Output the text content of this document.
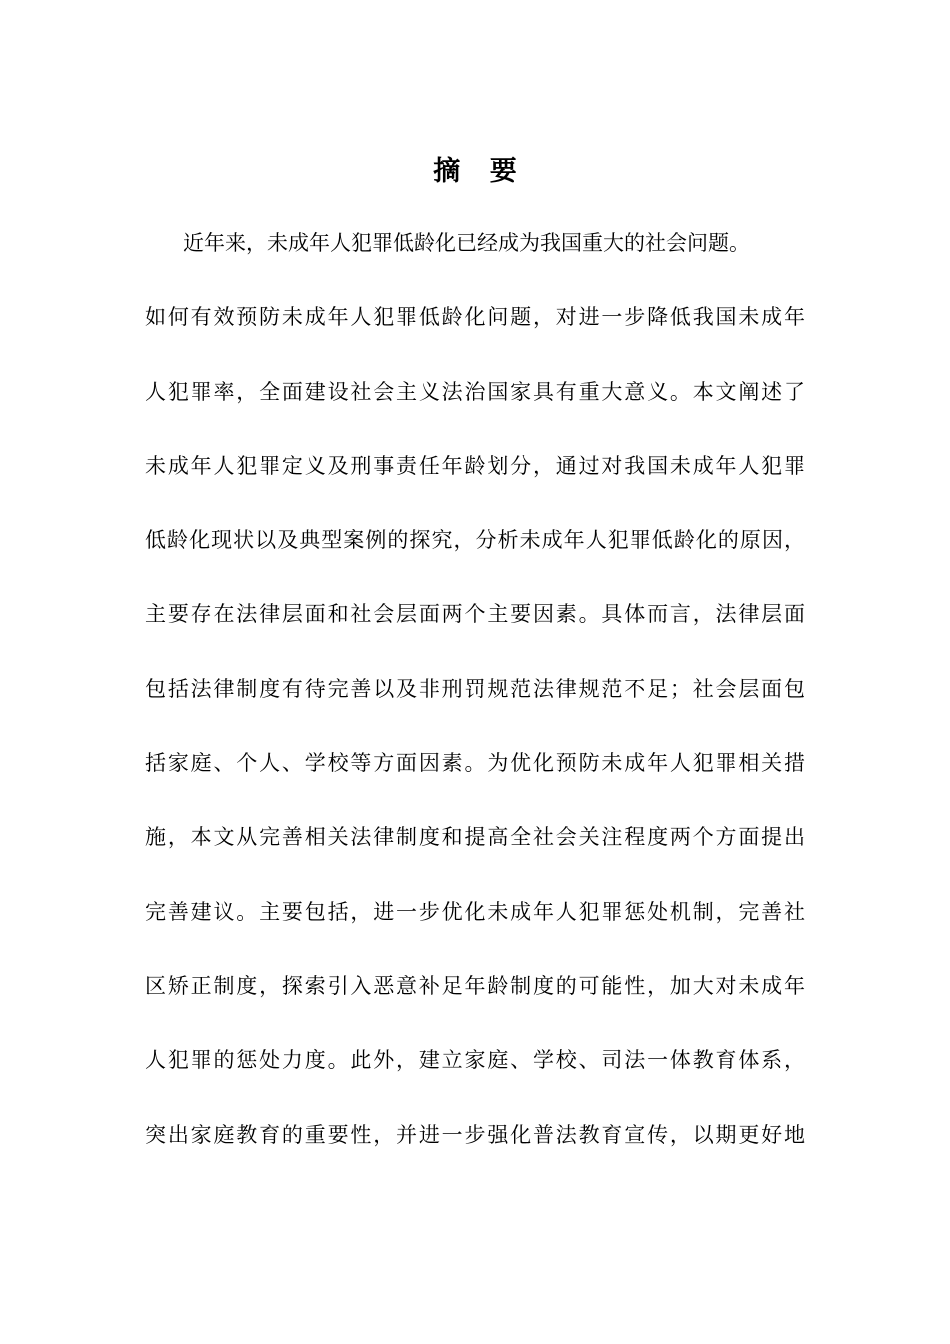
摘 要
近年来，未成年人犯罪低龄化已经成为我国重大的社会问题。
如何有效预防未成年人犯罪低龄化问题，对进一步降低我国未成年
人犯罪率，全面建设社会主义法治国家具有重大意义。本文阐述了
未成年人犯罪定义及刑事责任年龄划分，通过对我国未成年人犯罪
低龄化现状以及典型案例的探究，分析未成年人犯罪低龄化的原因，
主要存在法律层面和社会层面两个主要因素。具体而言，法律层面
包括法律制度有待完善以及非刑罚规范法律规范不足；社会层面包
括家庭、个人、学校等方面因素。为优化预防未成年人犯罪相关措
施，本文从完善相关法律制度和提高全社会关注程度两个方面提出
完善建议。主要包括，进一步优化未成年人犯罪惩处机制，完善社
区矫正制度，探索引入恶意补足年龄制度的可能性，加大对未成年
人犯罪的惩处力度。此外，建立家庭、学校、司法一体教育体系，
突出家庭教育的重要性，并进一步强化普法教育宣传，以期更好地
